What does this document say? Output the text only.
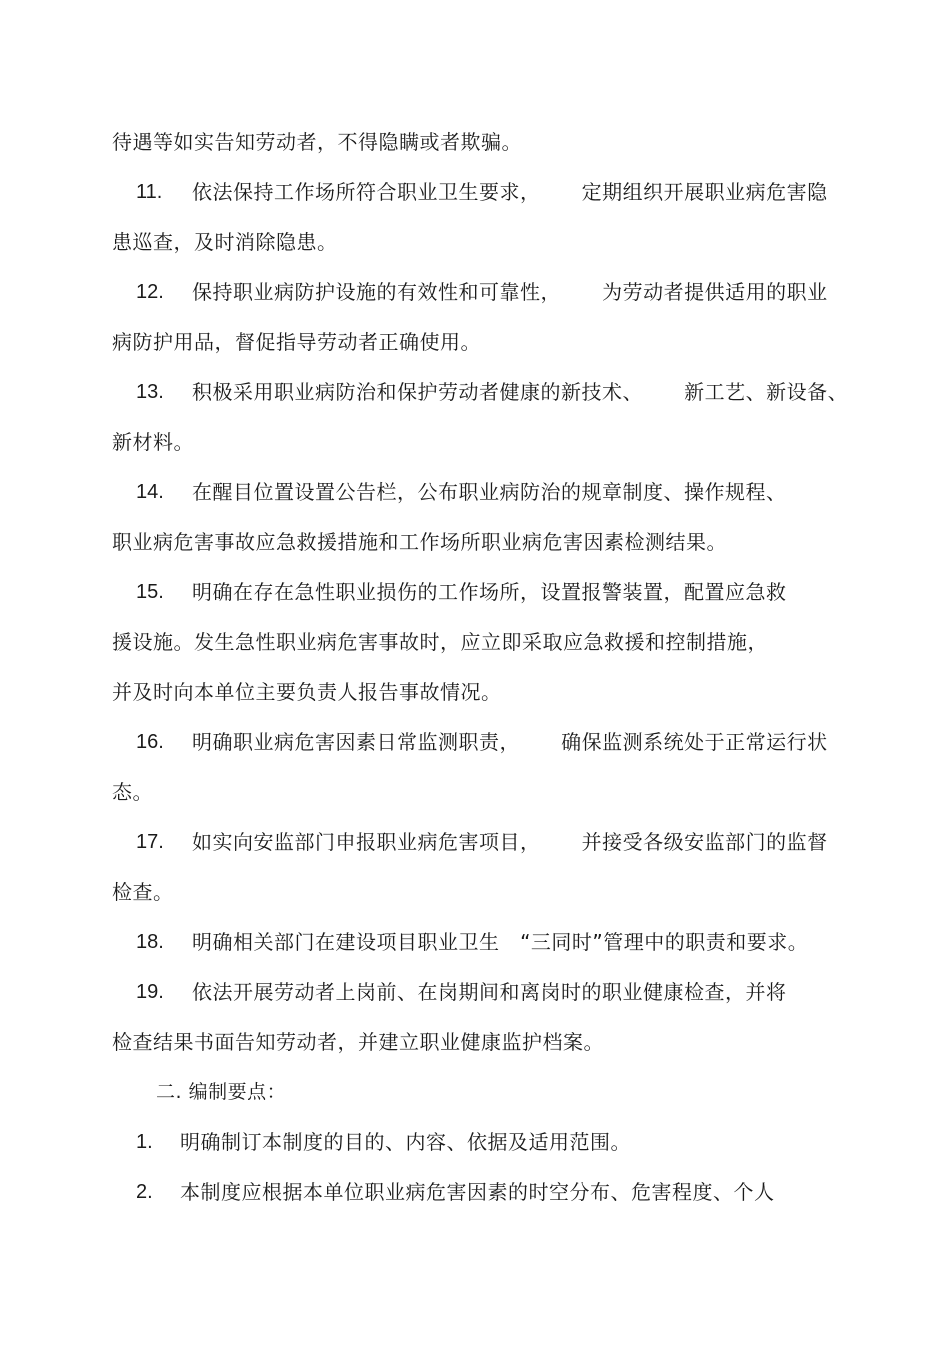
待遇等如实告知劳动者，不得隐瞒或者欺骗。
11. 依法保持工作场所符合职业卫生要求，      定期组织开展职业病危害隐
患巡查，及时消除隐患。
12. 保持职业病防护设施的有效性和可靠性，      为劳动者提供适用的职业
病防护用品，督促指导劳动者正确使用。
13. 积极采用职业病防治和保护劳动者健康的新技术、      新工艺、新设备、
新材料。
14. 在醒目位置设置公告栏，公布职业病防治的规章制度、操作规程、
职业病危害事故应急救援措施和工作场所职业病危害因素检测结果。
15. 明确在存在急性职业损伤的工作场所，设置报警装置，配置应急救
援设施。发生急性职业病危害事故时，应立即采取应急救援和控制措施，
并及时向本单位主要负责人报告事故情况。
16. 明确职业病危害因素日常监测职责，      确保监测系统处于正常运行状
态。
17. 如实向安监部门申报职业病危害项目，      并接受各级安监部门的监督
检查。
18. 明确相关部门在建设项目职业卫生   “三同时”管理中的职责和要求。
19. 依法开展劳动者上岗前、在岗期间和离岗时的职业健康检查，并将
检查结果书面告知劳动者，并建立职业健康监护档案。
二. 编制要点：
1. 明确制订本制度的目的、内容、依据及适用范围。
2. 本制度应根据本单位职业病危害因素的时空分布、危害程度、个人
